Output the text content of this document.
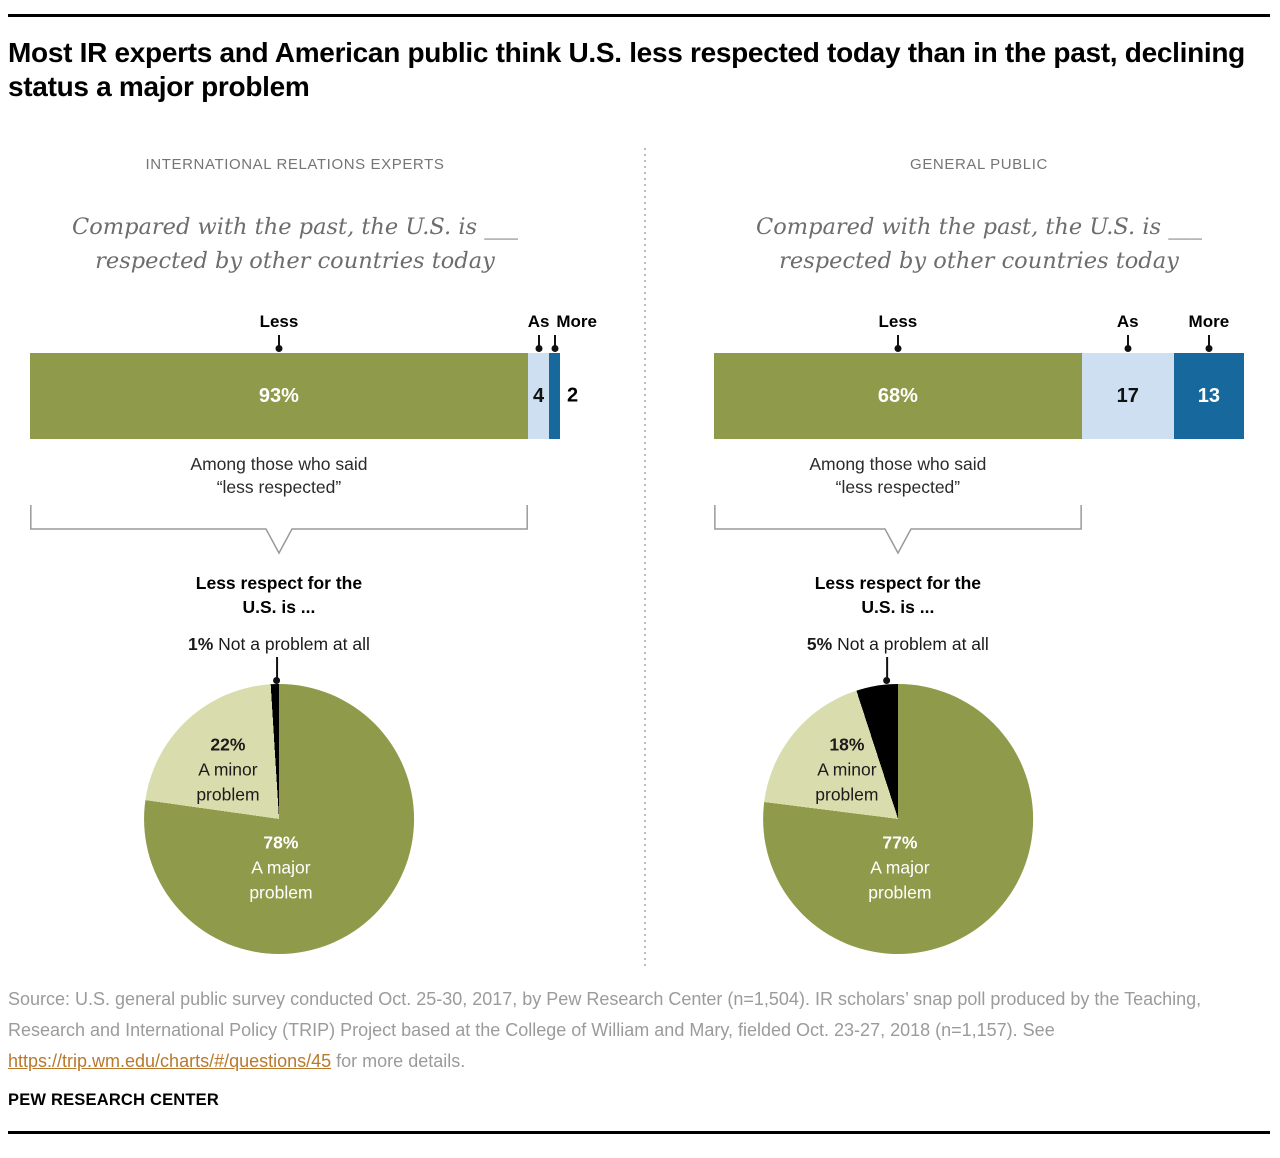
Most IR experts and American public think U.S. less respected today than in the past, declining status a major problem
INTERNATIONAL RELATIONS EXPERTS
Compared with the past, the U.S. is ___
respected by other countries today
Less	As More
93%	4 2

Among those who said
“less respected”

Less respect for the
U.S. is ...

1% Not a problem at all

22%
A minor
problem
78%
A major
problem
GENERAL PUBLIC
Compared with the past, the U.S. is ___
respected by other countries today
Less	As	More
68%	17	13

Among those who said
“less respected”

Less respect for the
U.S. is ...

5% Not a problem at all

18%
A minor
problem
77%
A major
problem

Source: U.S. general public survey conducted Oct. 25-30, 2017, by Pew Research Center (n=1,504). IR scholars’ snap poll produced by the Teaching, Research and International Policy (TRIP) Project based at the College of William and Mary, fielded Oct. 23-27, 2018 (n=1,157). See https://trip.wm.edu/charts/#/questions/45 for more details.

PEW RESEARCH CENTER
